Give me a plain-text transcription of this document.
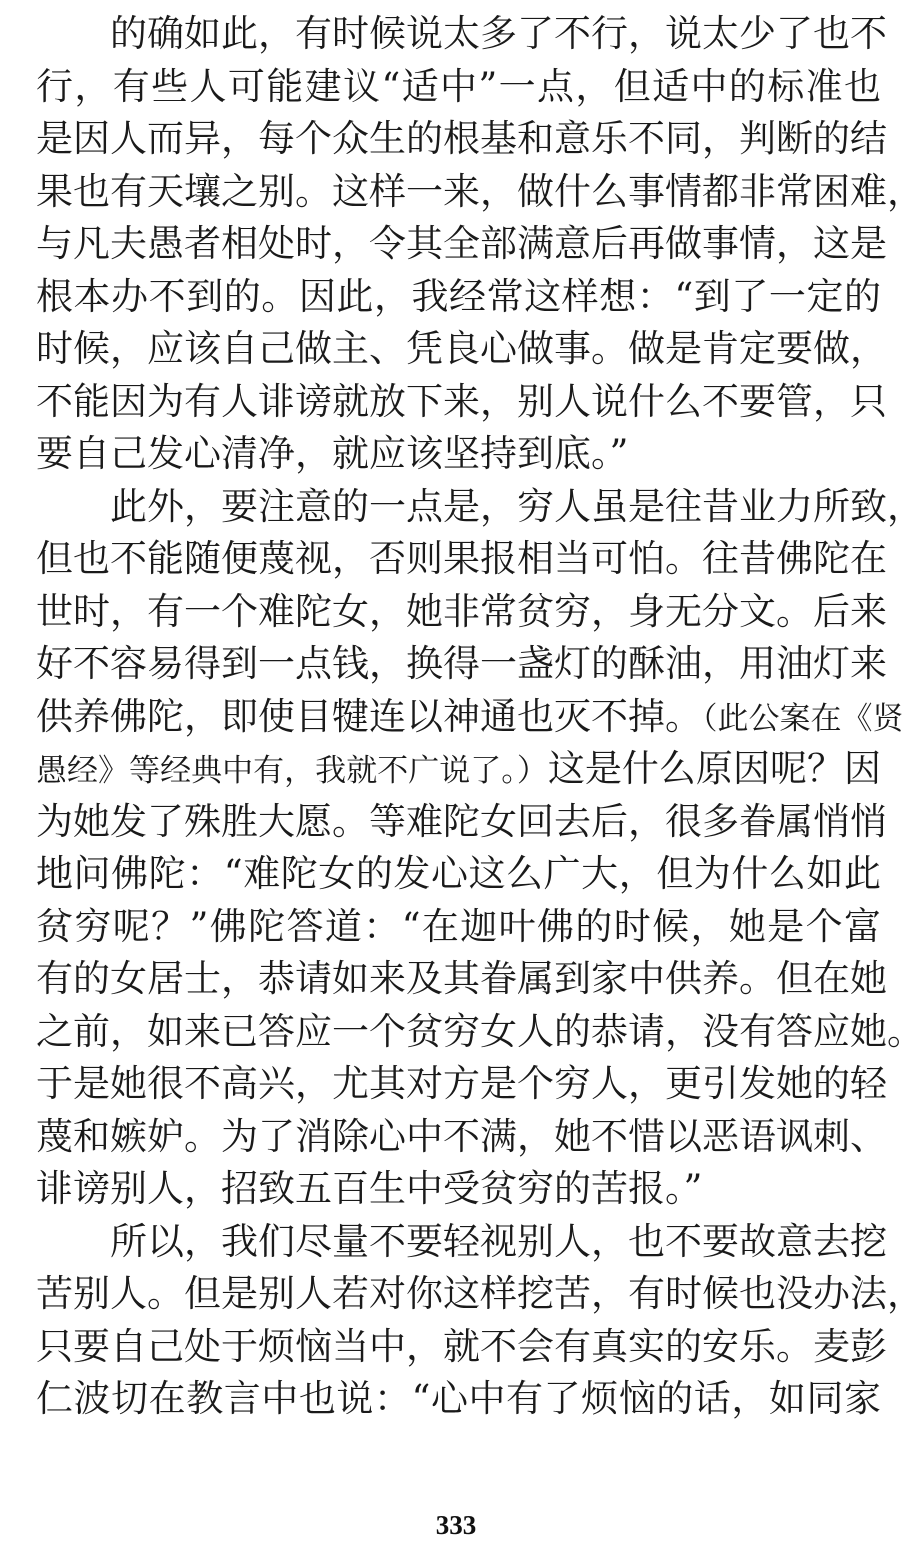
　　的确如此，有时候说太多了不行，说太少了也不
行，有些人可能建议“适中”一点，但适中的标准也
是因人而异，每个众生的根基和意乐不同，判断的结
果也有天壤之别。这样一来，做什么事情都非常困难，
与凡夫愚者相处时，令其全部满意后再做事情，这是
根本办不到的。因此，我经常这样想：“到了一定的
时候，应该自己做主、凭良心做事。做是肯定要做，
不能因为有人诽谤就放下来，别人说什么不要管，只
要自己发心清净，就应该坚持到底。”
　　此外，要注意的一点是，穷人虽是往昔业力所致，
但也不能随便蔑视，否则果报相当可怕。往昔佛陀在
世时，有一个难陀女，她非常贫穷，身无分文。后来
好不容易得到一点钱，换得一盏灯的酥油，用油灯来
供养佛陀，即使目犍连以神通也灭不掉。（此公案在《贤
愚经》等经典中有，我就不广说了。）这是什么原因呢？因
为她发了殊胜大愿。等难陀女回去后，很多眷属悄悄
地问佛陀：“难陀女的发心这么广大，但为什么如此
贫穷呢？”佛陀答道：“在迦叶佛的时候，她是个富
有的女居士，恭请如来及其眷属到家中供养。但在她
之前，如来已答应一个贫穷女人的恭请，没有答应她。
于是她很不高兴，尤其对方是个穷人，更引发她的轻
蔑和嫉妒。为了消除心中不满，她不惜以恶语讽刺、
诽谤别人，招致五百生中受贫穷的苦报。”
　　所以，我们尽量不要轻视别人，也不要故意去挖
苦别人。但是别人若对你这样挖苦，有时候也没办法，
只要自己处于烦恼当中，就不会有真实的安乐。麦彭
仁波切在教言中也说：“心中有了烦恼的话，如同家
333
